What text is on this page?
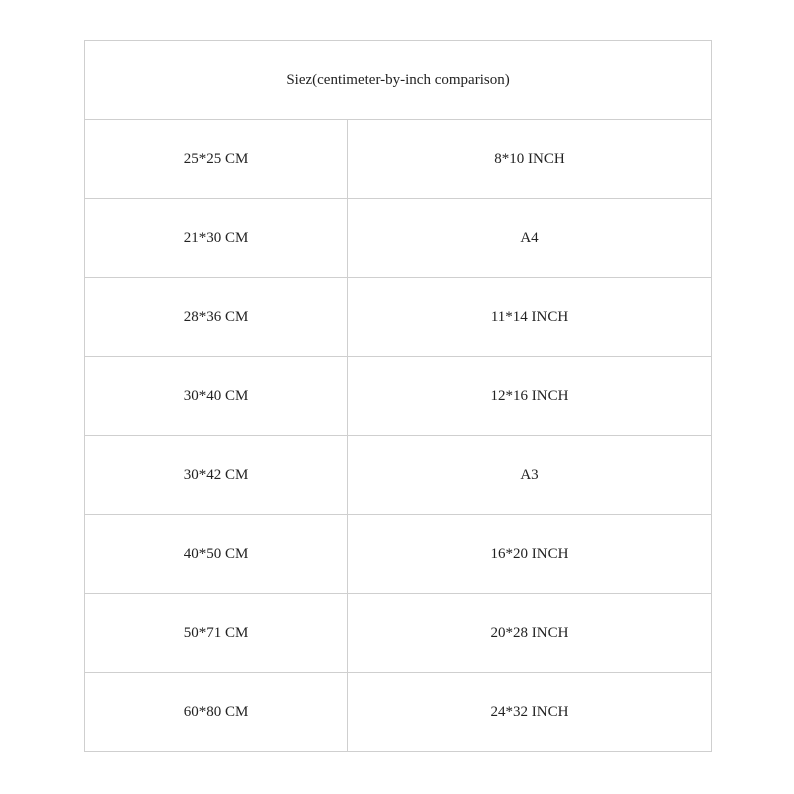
Siez(centimeter-by-inch comparison)	
25*25 CM	8*10 INCH
21*30 CM	A4
28*36 CM	11*14 INCH
30*40 CM	12*16 INCH
30*42 CM	A3
40*50 CM	16*20 INCH
50*71 CM	20*28 INCH
60*80 CM	24*32 INCH
